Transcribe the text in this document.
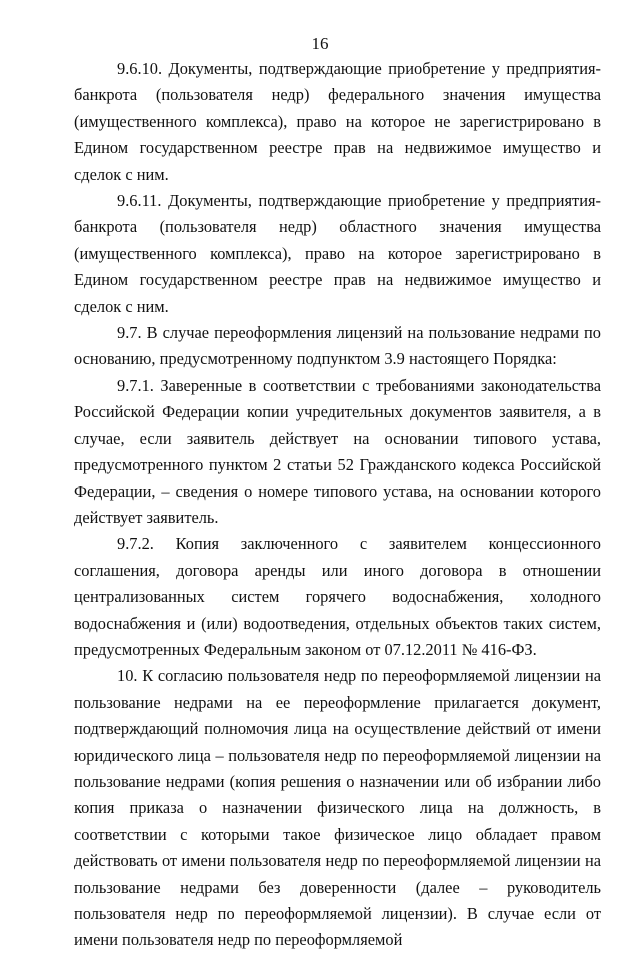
16

9.6.10. Документы, подтверждающие приобретение у предприятия-банкрота (пользователя недр) федерального значения имущества (имущественного комплекса), право на которое не зарегистрировано в Едином государственном реестре прав на недвижимое имущество и сделок с ним.

9.6.11. Документы, подтверждающие приобретение у предприятия-банкрота (пользователя недр) областного значения имущества (имущественного комплекса), право на которое зарегистрировано в Едином государственном реестре прав на недвижимое имущество и сделок с ним.

9.7. В случае переоформления лицензий на пользование недрами по основанию, предусмотренному подпунктом 3.9 настоящего Порядка:

9.7.1. Заверенные в соответствии с требованиями законодательства Российской Федерации копии учредительных документов заявителя, а в случае, если заявитель действует на основании типового устава, предусмотренного пунктом 2 статьи 52 Гражданского кодекса Российской Федерации, – сведения о номере типового устава, на основании которого действует заявитель.

9.7.2. Копия заключенного с заявителем концессионного соглашения, договора аренды или иного договора в отношении централизованных систем горячего водоснабжения, холодного водоснабжения и (или) водоотведения, отдельных объектов таких систем, предусмотренных Федеральным законом от 07.12.2011 № 416-ФЗ.

10. К согласию пользователя недр по переоформляемой лицензии на пользование недрами на ее переоформление прилагается документ, подтверждающий полномочия лица на осуществление действий от имени юридического лица – пользователя недр по переоформляемой лицензии на пользование недрами (копия решения о назначении или об избрании либо копия приказа о назначении физического лица на должность, в соответствии с которыми такое физическое лицо обладает правом действовать от имени пользователя недр по переоформляемой лицензии на пользование недрами без доверенности (далее – руководитель пользователя недр по переоформляемой лицензии). В случае если от имени пользователя недр по переоформляемой
